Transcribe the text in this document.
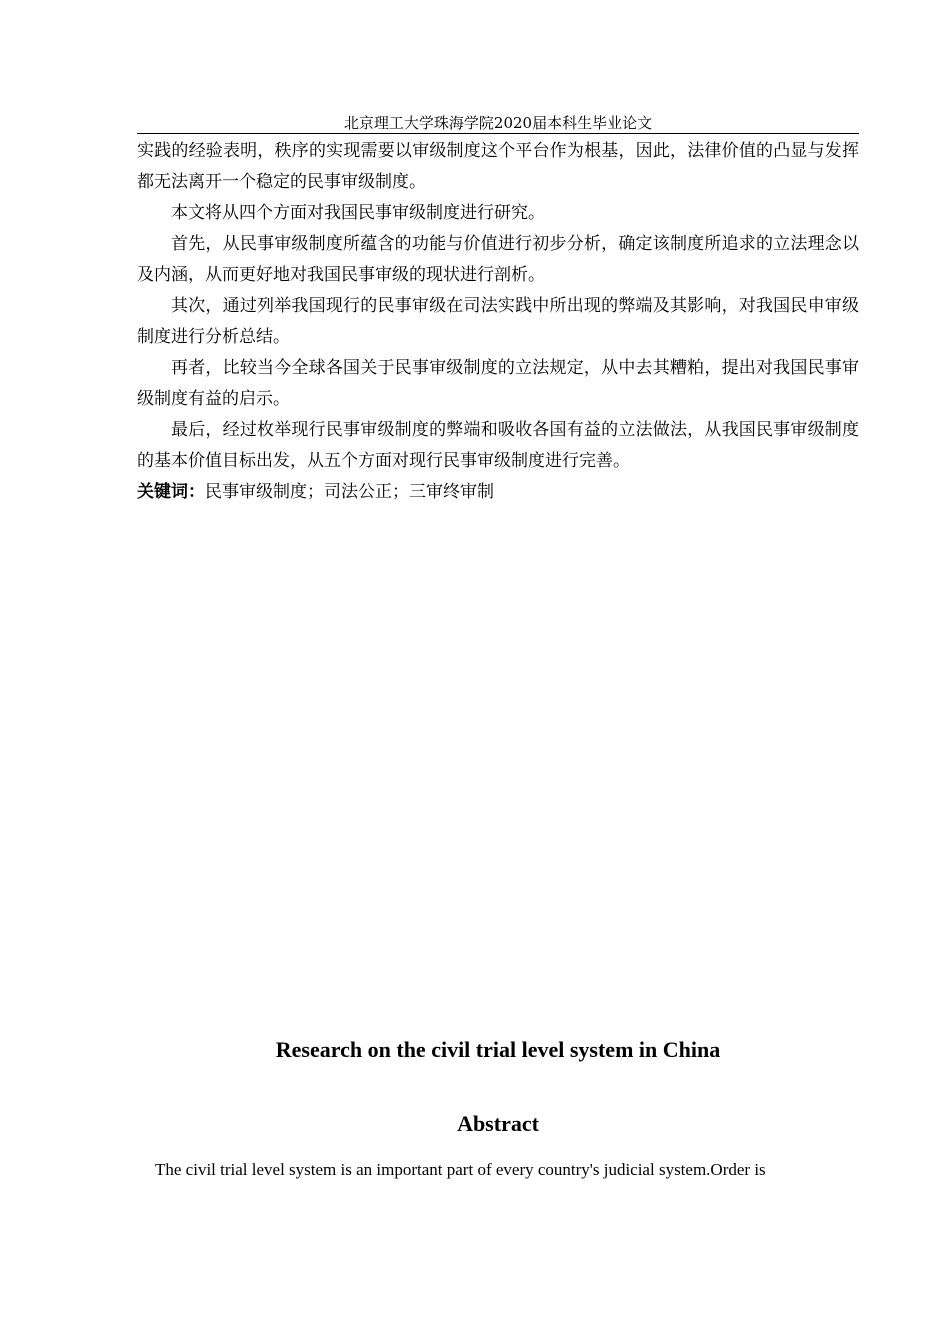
北京理工大学珠海学院2020届本科生毕业论文

实践的经验表明，秩序的实现需要以审级制度这个平台作为根基，因此，法律价值的凸显与发挥都无法离开一个稳定的民事审级制度。

本文将从四个方面对我国民事审级制度进行研究。

首先，从民事审级制度所蕴含的功能与价值进行初步分析，确定该制度所追求的立法理念以及内涵，从而更好地对我国民事审级的现状进行剖析。

其次，通过列举我国现行的民事审级在司法实践中所出现的弊端及其影响，对我国民申审级制度进行分析总结。

再者，比较当今全球各国关于民事审级制度的立法规定，从中去其糟粕，提出对我国民事审级制度有益的启示。

最后，经过枚举现行民事审级制度的弊端和吸收各国有益的立法做法，从我国民事审级制度的基本价值目标出发，从五个方面对现行民事审级制度进行完善。

关键词：民事审级制度；司法公正；三审终审制

Research on the civil trial level system in China
Abstract
The civil trial level system is an important part of every country's judicial system.Order is
